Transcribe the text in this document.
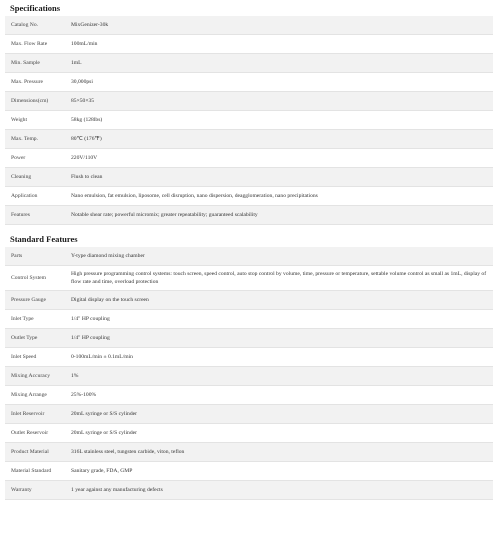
Specifications
Catalog No.	MixGenizer-30k
Max. Flow Rate	100mL/min
Min. Sample	1mL
Max. Pressure	30,000psi
Dimensions(cm)	85×50×35
Weight	58kg (128lbs)
Max. Temp.	80℃ (176℉)
Power	220V/110V
Cleaning	Flush to clean
Application	Nano emulsion, fat emulsion, liposome, cell disruption, nano dispersion, deagglomeration, nano precipitations
Features	Notable shear rate; powerful micromix; greater repeatability; guaranteed scalability
Standard Features
Parts	Y-type diamond mixing chamber
Control System	High pressure programming control systems: touch screen, speed control, auto stop control by volume, time, pressure or temperature, settable volume control as small as 1mL, display of flow rate and time, overload protection
Pressure Gauge	Digital display on the touch screen
Inlet Type	1/4" HP coupling
Outlet Type	1/4" HP coupling
Inlet Speed	0-100mL/min ± 0.1mL/min
Mixing Accuracy	1%
Mixing Arrange	25%-100%
Inlet Reservoir	20mL syringe or S/S cylinder
Outlet Reservoir	20mL syringe or S/S cylinder
Product Material	316L stainless steel, tungsten carbide, viton, teflon
Material Standard	Sanitary grade, FDA, GMP
Warranty	1 year against any manufacturing defects
